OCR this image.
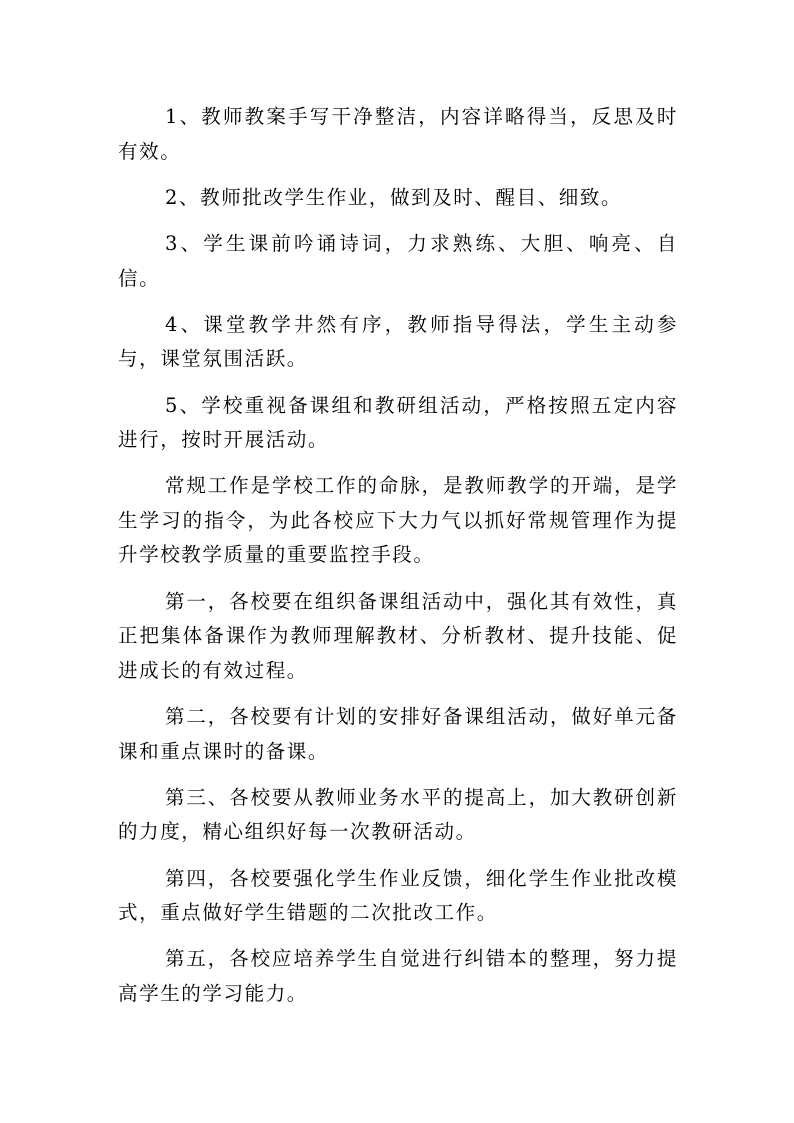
1、教师教案手写干净整洁，内容详略得当，反思及时有效。

2、教师批改学生作业，做到及时、醒目、细致。

3、学生课前吟诵诗词，力求熟练、大胆、响亮、自信。

4、课堂教学井然有序，教师指导得法，学生主动参与，课堂氛围活跃。

5、学校重视备课组和教研组活动，严格按照五定内容进行，按时开展活动。

常规工作是学校工作的命脉，是教师教学的开端，是学生学习的指令，为此各校应下大力气以抓好常规管理作为提升学校教学质量的重要监控手段。

第一，各校要在组织备课组活动中，强化其有效性，真正把集体备课作为教师理解教材、分析教材、提升技能、促进成长的有效过程。

第二，各校要有计划的安排好备课组活动，做好单元备课和重点课时的备课。

第三、各校要从教师业务水平的提高上，加大教研创新的力度，精心组织好每一次教研活动。

第四，各校要强化学生作业反馈，细化学生作业批改模式，重点做好学生错题的二次批改工作。

第五，各校应培养学生自觉进行纠错本的整理，努力提高学生的学习能力。
